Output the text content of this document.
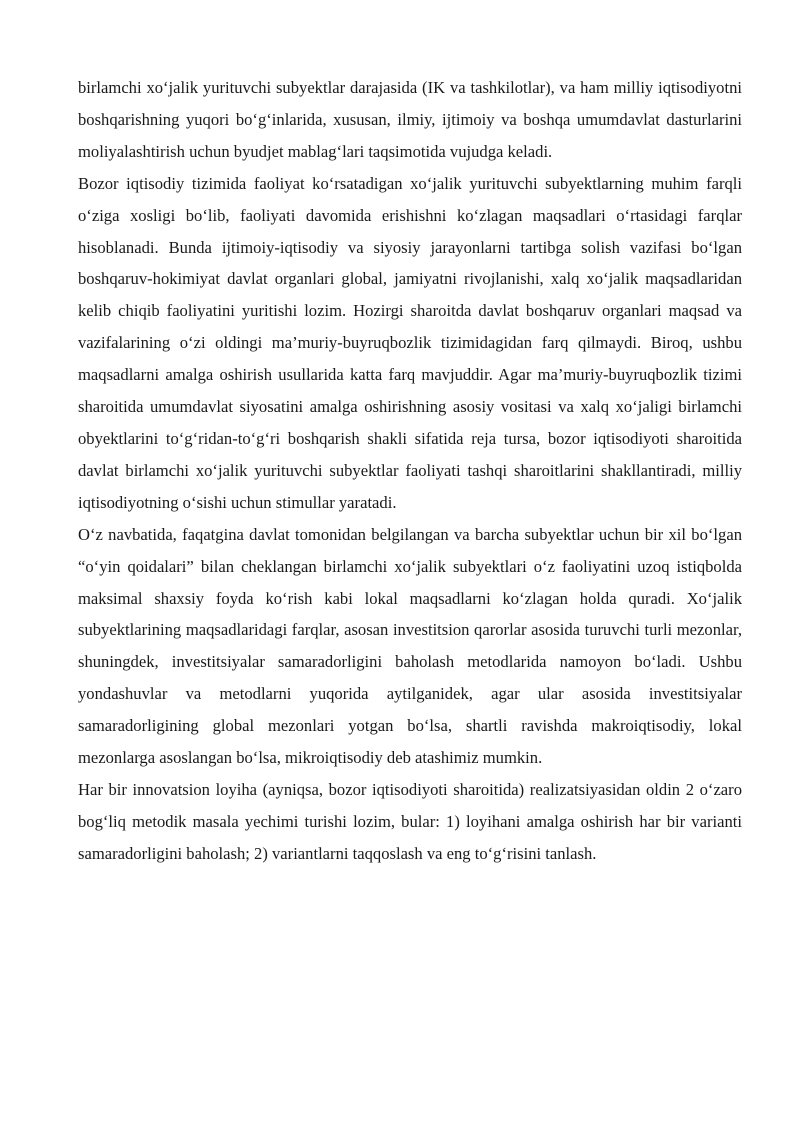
birlamchi xo‘jalik yurituvchi subyektlar darajasida (IK va tashkilotlar), va ham milliy iqtisodiyotni boshqarishning yuqori bo‘g‘inlarida, xususan, ilmiy, ijtimoiy va boshqa umumdavlat dasturlarini moliyalashtirish uchun byudjet mablag‘lari taqsimotida vujudga keladi.

Bozor iqtisodiy tizimida faoliyat ko‘rsatadigan xo‘jalik yurituvchi subyektlarning muhim farqli o‘ziga xosligi bo‘lib, faoliyati davomida erishishni ko‘zlagan maqsadlari o‘rtasidagi farqlar hisoblanadi. Bunda ijtimoiy-iqtisodiy va siyosiy jarayonlarni tartibga solish vazifasi bo‘lgan boshqaruv-hokimiyat davlat organlari global, jamiyatni rivojlanishi, xalq xo‘jalik maqsadlaridan kelib chiqib faoliyatini yuritishi lozim. Hozirgi sharoitda davlat boshqaruv organlari maqsad va vazifalarining o‘zi oldingi ma’muriy-buyruqbozlik tizimidagidan farq qilmaydi. Biroq, ushbu maqsadlarni amalga oshirish usullarida katta farq mavjuddir. Agar ma’muriy-buyruqbozlik tizimi sharoitida umumdavlat siyosatini amalga oshirishning asosiy vositasi va xalq xo‘jaligi birlamchi obyektlarini to‘g‘ridan-to‘g‘ri boshqarish shakli sifatida reja tursa, bozor iqtisodiyoti sharoitida davlat birlamchi xo‘jalik yurituvchi subyektlar faoliyati tashqi sharoitlarini shakllantiradi, milliy iqtisodiyotning o‘sishi uchun stimullar yaratadi.

O‘z navbatida, faqatgina davlat tomonidan belgilangan va barcha subyektlar uchun bir xil bo‘lgan “o‘yin qoidalari” bilan cheklangan birlamchi xo‘jalik subyektlari o‘z faoliyatini uzoq istiqbolda maksimal shaxsiy foyda ko‘rish kabi lokal maqsadlarni ko‘zlagan holda quradi. Xo‘jalik subyektlarining maqsadlaridagi farqlar, asosan investitsion qarorlar asosida turuvchi turli mezonlar, shuningdek, investitsiyalar samaradorligini baholash metodlarida namoyon bo‘ladi. Ushbu yondashuvlar va metodlarni yuqorida aytilganidek, agar ular asosida investitsiyalar samaradorligining global mezonlari yotgan bo‘lsa, shartli ravishda makroiqtisodiy, lokal mezonlarga asoslangan bo‘lsa, mikroiqtisodiy deb atashimiz mumkin.

Har bir innovatsion loyiha (ayniqsa, bozor iqtisodiyoti sharoitida) realizatsiyasidan oldin 2 o‘zaro bog‘liq metodik masala yechimi turishi lozim, bular: 1) loyihani amalga oshirish har bir varianti samaradorligini baholash; 2) variantlarni taqqoslash va eng to‘g‘risini tanlash.
